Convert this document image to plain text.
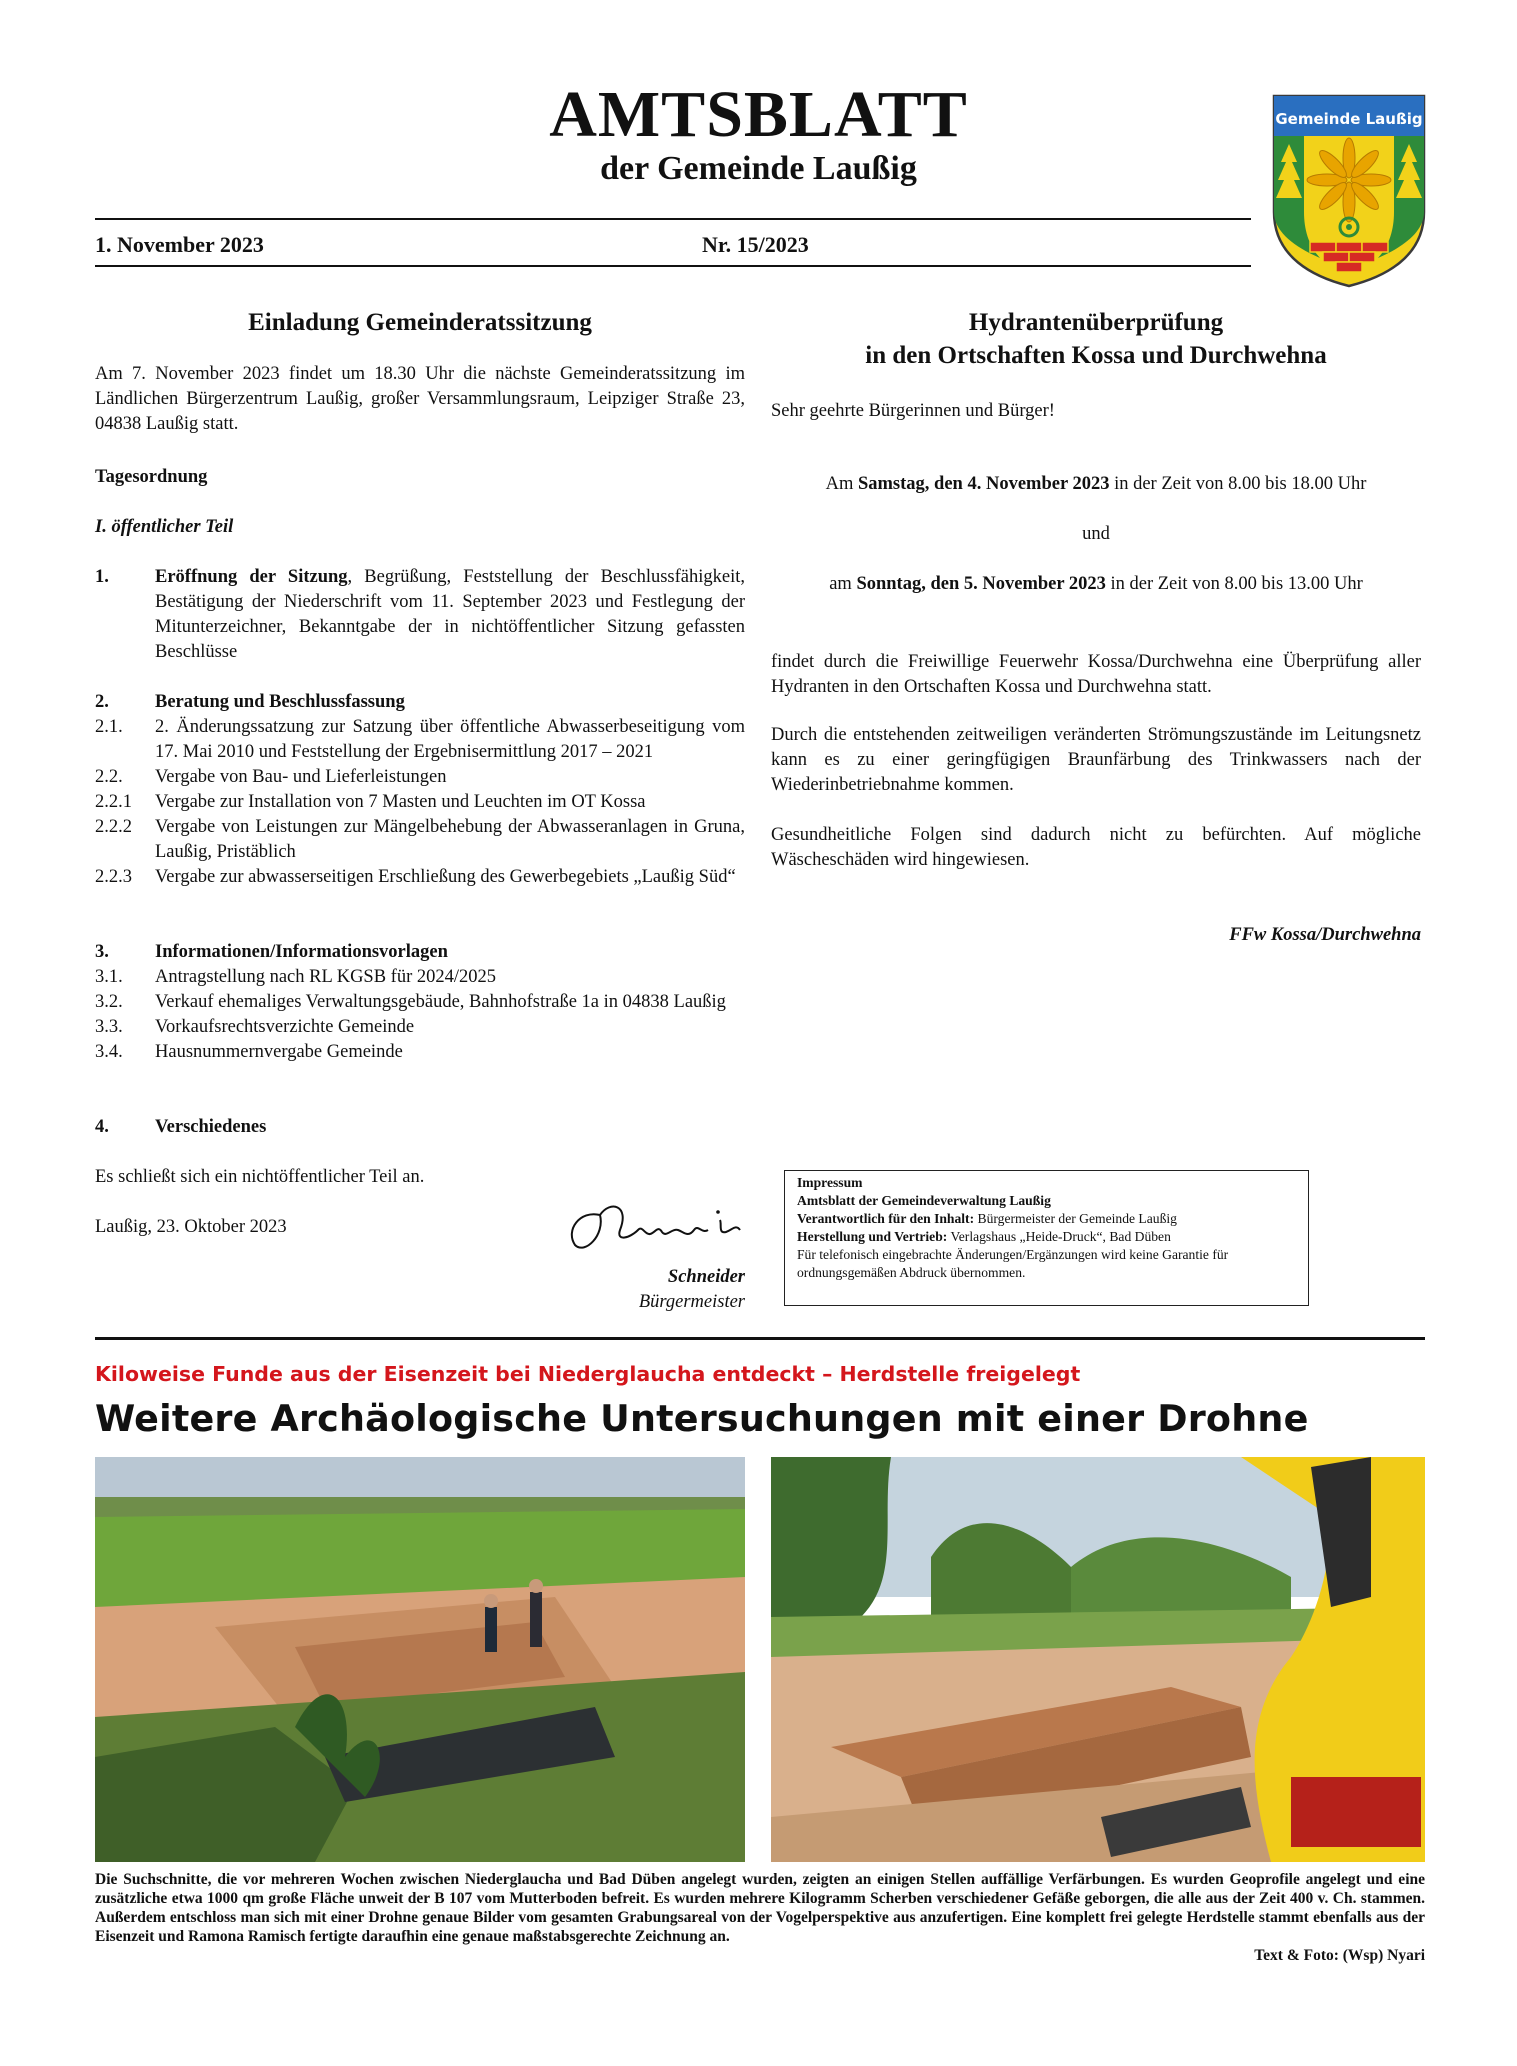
AMTSBLATT
der Gemeinde Laußig
1. November 2023	Nr. 15/2023
Gemeinde Laußig
Einladung Gemeinderatssitzung

Am 7. November 2023 findet um 18.30 Uhr die nächste Gemeinderatssitzung im Ländlichen Bürgerzentrum Laußig, großer Versammlungsraum, Leipziger Straße 23, 04838 Laußig statt.

Tagesordnung
I. öffentlicher Teil
1.	Eröffnung der Sitzung, Begrüßung, Feststellung der Beschlussfähigkeit, Bestätigung der Niederschrift vom 11. September 2023 und Festlegung der Mitunterzeichner, Bekanntgabe der in nichtöffentlicher Sitzung gefassten Beschlüsse
2.	Beratung und Beschlussfassung
2.1.	2. Änderungssatzung zur Satzung über öffentliche Abwasserbeseitigung vom 17. Mai 2010 und Feststellung der Ergebnisermittlung 2017 – 2021
2.2.	Vergabe von Bau- und Lieferleistungen
2.2.1	Vergabe zur Installation von 7 Masten und Leuchten im OT Kossa
2.2.2	Vergabe von Leistungen zur Mängelbehebung der Abwasseranlagen in Gruna, Laußig, Pristäblich
2.2.3	Vergabe zur abwasserseitigen Erschließung des Gewerbegebiets „Laußig Süd“
3.	Informationen/Informationsvorlagen
3.1.	Antragstellung nach RL KGSB für 2024/2025
3.2.	Verkauf ehemaliges Verwaltungsgebäude, Bahnhofstraße 1a in 04838 Laußig
3.3.	Vorkaufsrechtsverzichte Gemeinde
3.4.	Hausnummernvergabe Gemeinde
4.	Verschiedenes
Es schließt sich ein nichtöffentlicher Teil an.
Laußig, 23. Oktober 2023
Schneider
Bürgermeister
Hydrantenüberprüfung
in den Ortschaften Kossa und Durchwehna
Sehr geehrte Bürgerinnen und Bürger!
Am Samstag, den 4. November 2023 in der Zeit von 8.00 bis 18.00 Uhr
und
am Sonntag, den 5. November 2023 in der Zeit von 8.00 bis 13.00 Uhr

findet durch die Freiwillige Feuerwehr Kossa/Durchwehna eine Überprüfung aller Hydranten in den Ortschaften Kossa und Durchwehna statt.

Durch die entstehenden zeitweiligen veränderten Strömungszustände im Leitungsnetz kann es zu einer geringfügigen Braunfärbung des Trinkwassers nach der Wiederinbetriebnahme kommen.

Gesundheitliche Folgen sind dadurch nicht zu befürchten. Auf mögliche Wäscheschäden wird hingewiesen.

FFw Kossa/Durchwehna
Impressum
Amtsblatt der Gemeindeverwaltung Laußig
Verantwortlich für den Inhalt: Bürgermeister der Gemeinde Laußig
Herstellung und Vertrieb: Verlagshaus „Heide-Druck“, Bad Düben
Für telefonisch eingebrachte Änderungen/Ergänzungen wird keine Garantie für ordnungsgemäßen Abdruck übernommen.
Kiloweise Funde aus der Eisenzeit bei Niederglaucha entdeckt – Herdstelle freigelegt
Weitere Archäologische Untersuchungen mit einer Drohne
Die Suchschnitte, die vor mehreren Wochen zwischen Niederglaucha und Bad Düben angelegt wurden, zeigten an einigen Stellen auffällige Verfärbungen. Es wurden Geoprofile angelegt und eine zusätzliche etwa 1000 qm große Fläche unweit der B 107 vom Mutterboden befreit. Es wurden mehrere Kilogramm Scherben verschiedener Gefäße geborgen, die alle aus der Zeit 400 v. Ch. stammen. Außerdem entschloss man sich mit einer Drohne genaue Bilder vom gesamten Grabungsareal von der Vogelperspektive aus anzufertigen. Eine komplett frei gelegte Herdstelle stammt ebenfalls aus der Eisenzeit und Ramona Ramisch fertigte daraufhin eine genaue maßstabsgerechte Zeichnung an.
Text & Foto: (Wsp) Nyari
